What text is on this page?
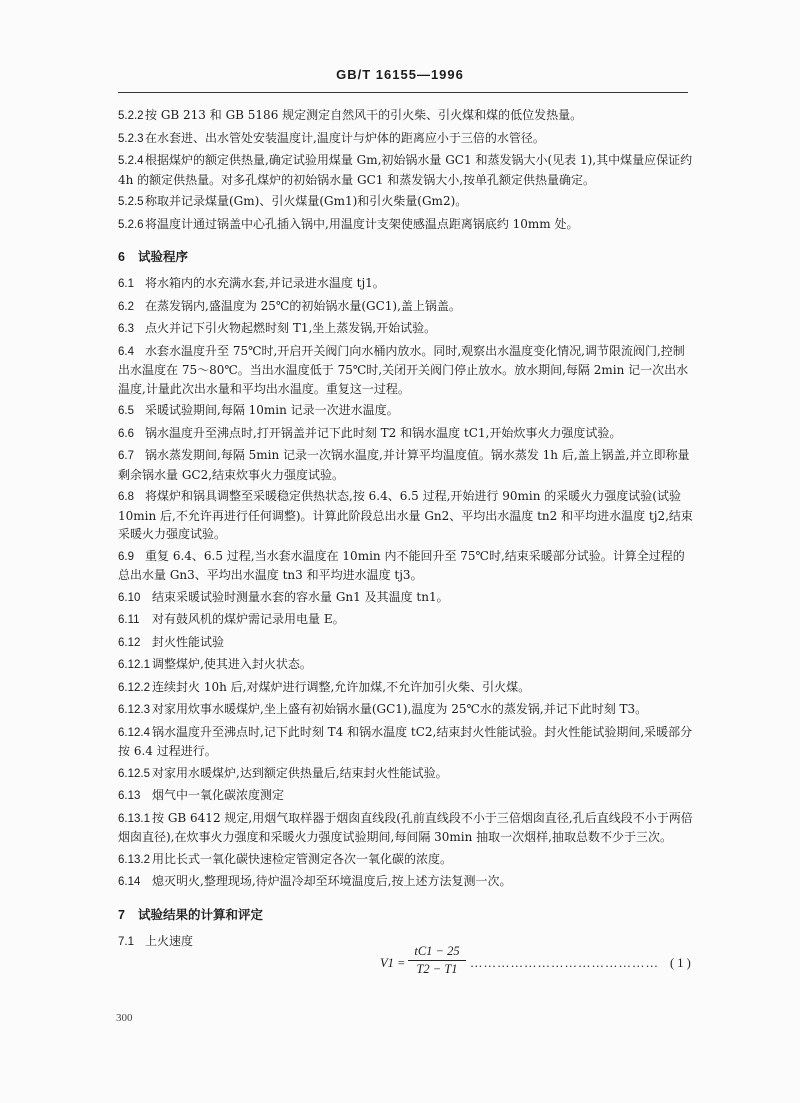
GB/T 16155—1996
5.2.2按 GB 213 和 GB 5186 规定测定自然风干的引火柴、引火煤和煤的低位发热量。
5.2.3在水套进、出水管处安装温度计,温度计与炉体的距离应小于三倍的水管径。
5.2.4根据煤炉的额定供热量,确定试验用煤量 Gm,初始锅水量 GC1 和蒸发锅大小(见表 1),其中煤量应保证约 4h 的额定供热量。对多孔煤炉的初始锅水量 GC1 和蒸发锅大小,按单孔额定供热量确定。
5.2.5称取并记录煤量(Gm)、引火煤量(Gm1)和引火柴量(Gm2)。
5.2.6将温度计通过锅盖中心孔插入锅中,用温度计支架使感温点距离锅底约 10mm 处。
6 试验程序
6.1 将水箱内的水充满水套,并记录进水温度 tj1。
6.2 在蒸发锅内,盛温度为 25℃的初始锅水量(GC1),盖上锅盖。
6.3 点火并记下引火物起燃时刻 T1,坐上蒸发锅,开始试验。
6.4 水套水温度升至 75℃时,开启开关阀门向水桶内放水。同时,观察出水温度变化情况,调节限流阀门,控制出水温度在 75～80℃。当出水温度低于 75℃时,关闭开关阀门停止放水。放水期间,每隔 2min 记一次出水温度,计量此次出水量和平均出水温度。重复这一过程。
6.5 采暖试验期间,每隔 10min 记录一次进水温度。
6.6 锅水温度升至沸点时,打开锅盖并记下此时刻 T2 和锅水温度 tC1,开始炊事火力强度试验。
6.7 锅水蒸发期间,每隔 5min 记录一次锅水温度,并计算平均温度值。锅水蒸发 1h 后,盖上锅盖,并立即称量剩余锅水量 GC2,结束炊事火力强度试验。
6.8 将煤炉和锅具调整至采暖稳定供热状态,按 6.4、6.5 过程,开始进行 90min 的采暖火力强度试验(试验 10min 后,不允许再进行任何调整)。计算此阶段总出水量 Gn2、平均出水温度 tn2 和平均进水温度 tj2,结束采暖火力强度试验。
6.9 重复 6.4、6.5 过程,当水套水温度在 10min 内不能回升至 75℃时,结束采暖部分试验。计算全过程的总出水量 Gn3、平均出水温度 tn3 和平均进水温度 tj3。
6.10 结束采暖试验时测量水套的容水量 Gn1 及其温度 tn1。
6.11 对有鼓风机的煤炉需记录用电量 E。
6.12 封火性能试验
6.12.1 调整煤炉,使其进入封火状态。
6.12.2 连续封火 10h 后,对煤炉进行调整,允许加煤,不允许加引火柴、引火煤。
6.12.3 对家用炊事水暖煤炉,坐上盛有初始锅水量(GC1),温度为 25℃水的蒸发锅,并记下此时刻 T3。
6.12.4 锅水温度升至沸点时,记下此时刻 T4 和锅水温度 tC2,结束封火性能试验。封火性能试验期间,采暖部分按 6.4 过程进行。
6.12.5 对家用水暖煤炉,达到额定供热量后,结束封火性能试验。
6.13 烟气中一氧化碳浓度测定
6.13.1 按 GB 6412 规定,用烟气取样器于烟囱直线段(孔前直线段不小于三倍烟囱直径,孔后直线段不小于两倍烟囱直径),在炊事火力强度和采暖火力强度试验期间,每间隔 30min 抽取一次烟样,抽取总数不少于三次。
6.13.2 用比长式一氧化碳快速检定管测定各次一氧化碳的浓度。
6.14 熄灭明火,整理现场,待炉温冷却至环境温度后,按上述方法复测一次。
7 试验结果的计算和评定
7.1 上火速度
V1 =
tC1 − 25
T2 − T1 …………………………………… ( 1 )
300
